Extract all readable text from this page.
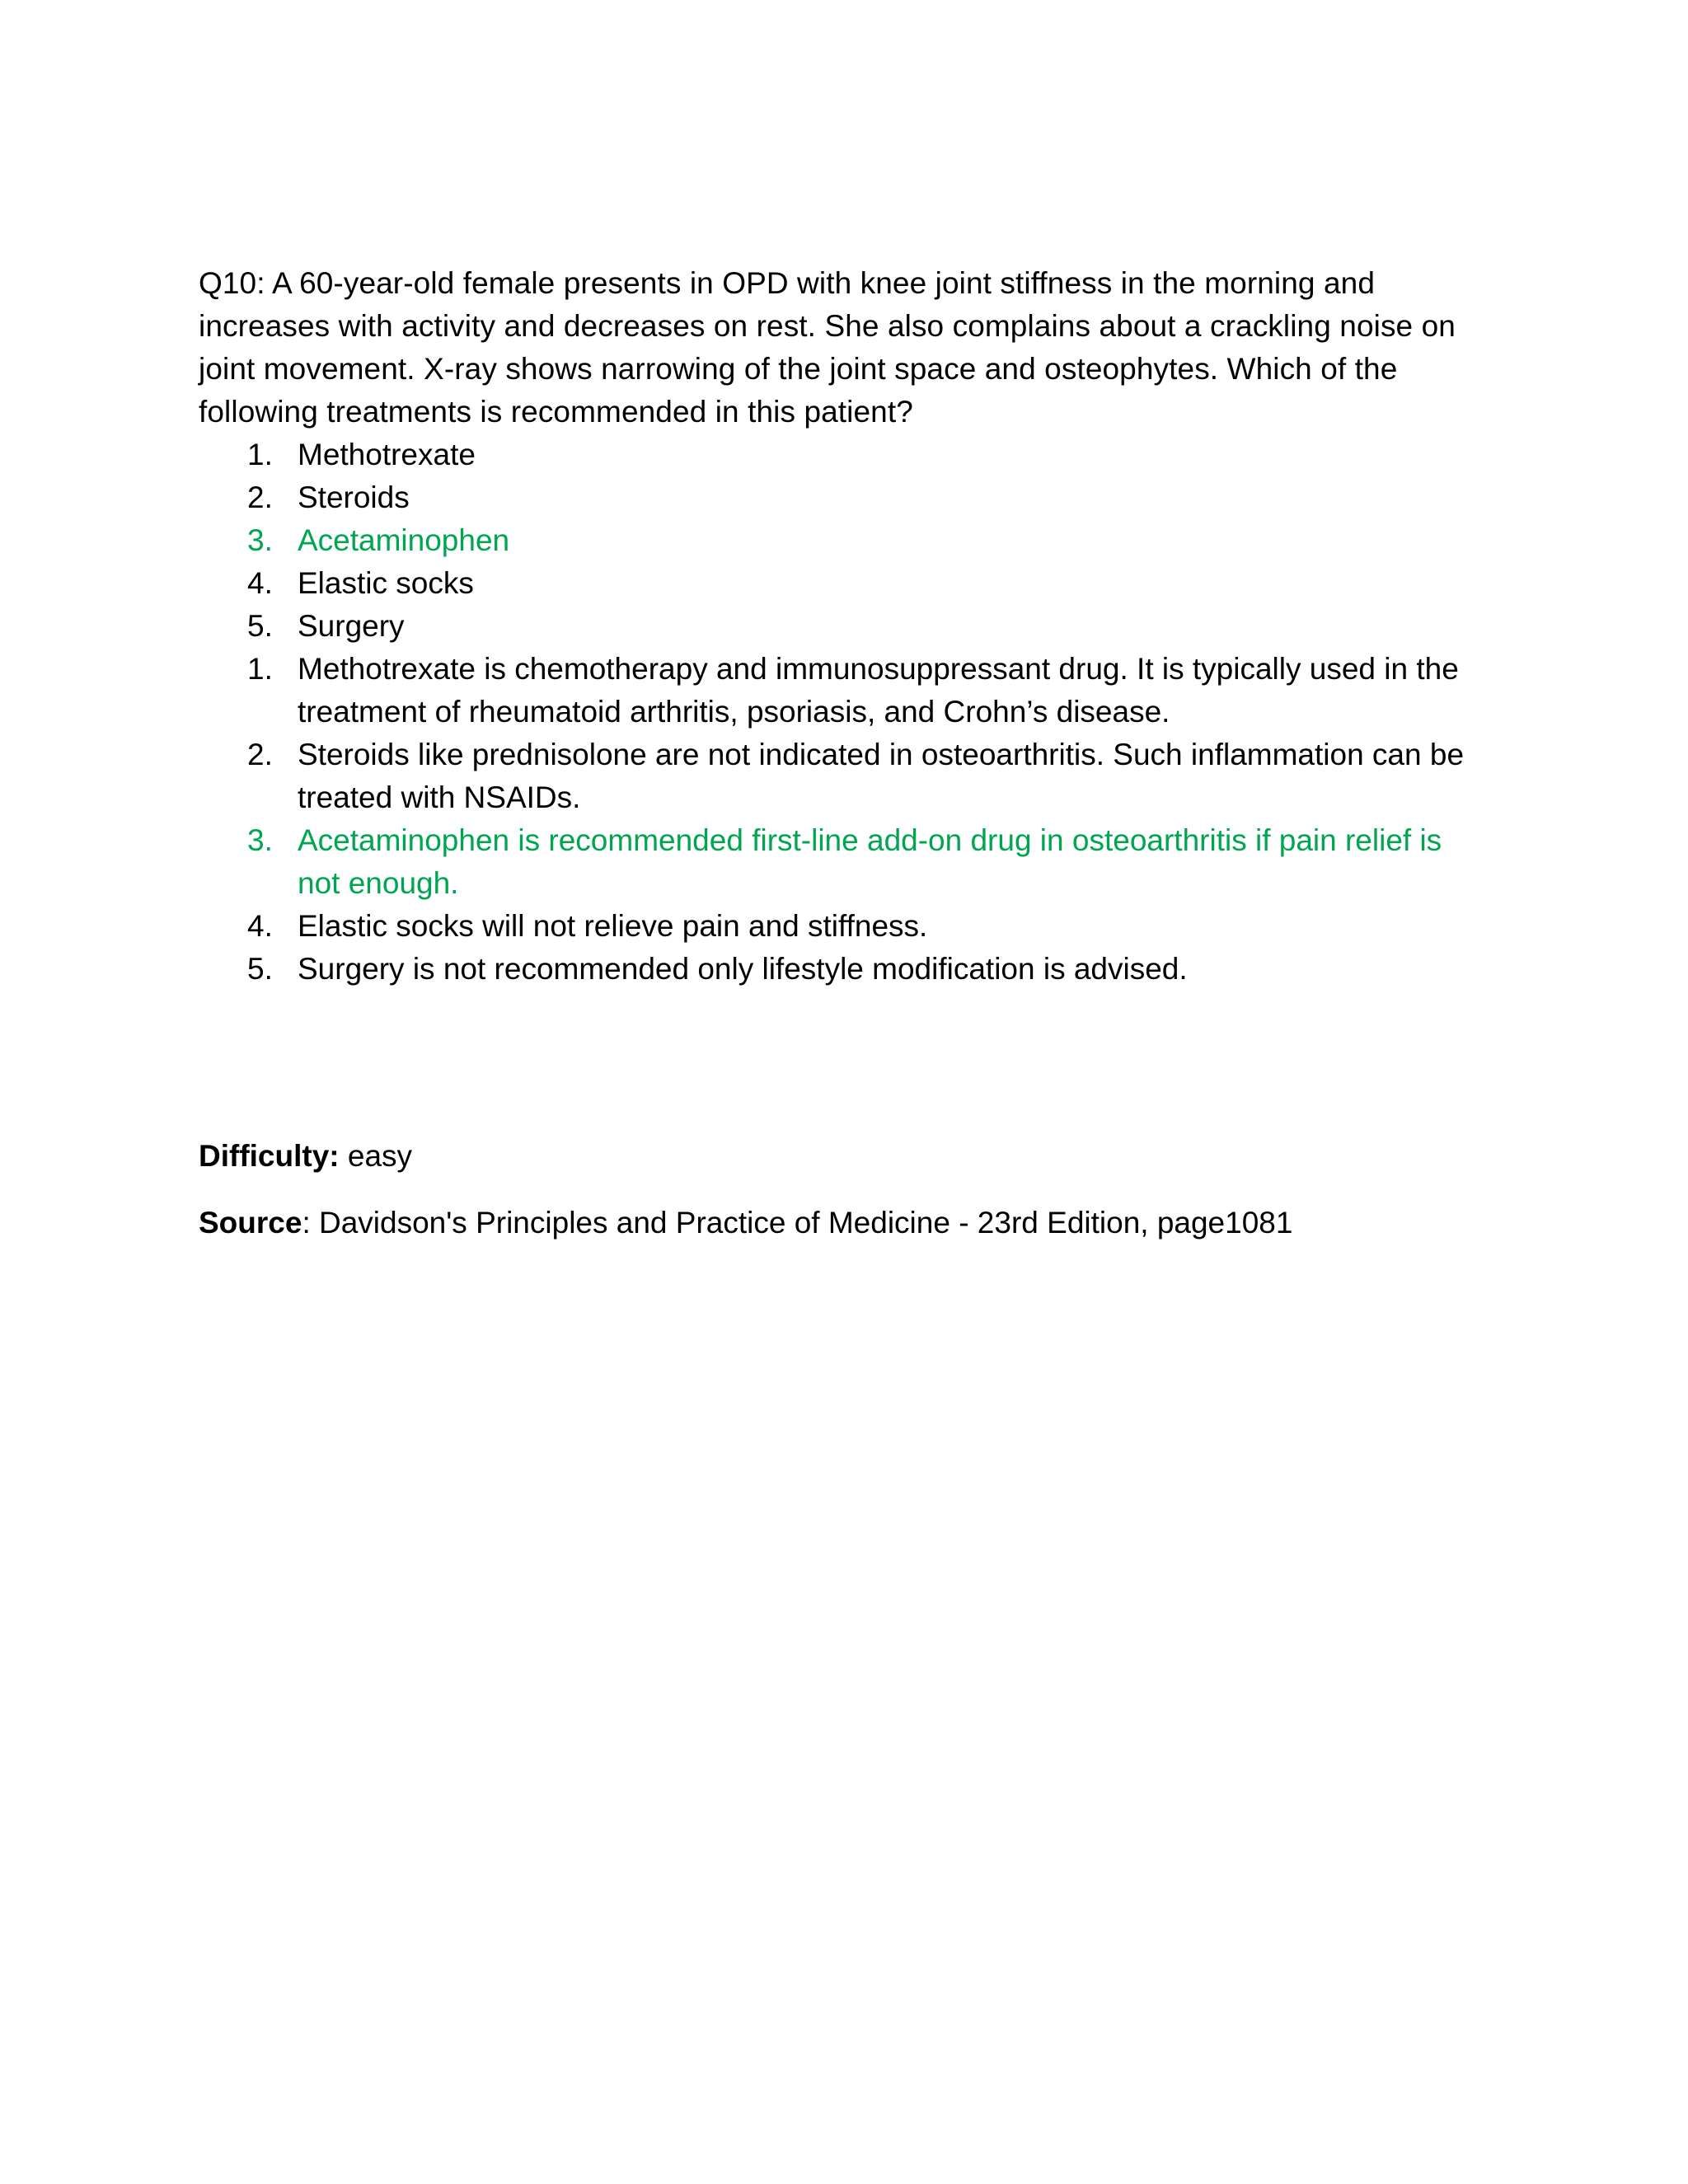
Q10: A 60-year-old female presents in OPD with knee joint stiffness in the morning and increases with activity and decreases on rest. She also complains about a crackling noise on joint movement. X-ray shows narrowing of the joint space and osteophytes. Which of the following treatments is recommended in this patient?

1. Methotrexate
2. Steroids
3. Acetaminophen
4. Elastic socks
5. Surgery
1. Methotrexate is chemotherapy and immunosuppressant drug. It is typically used in the treatment of rheumatoid arthritis, psoriasis, and Crohn’s disease.
2. Steroids like prednisolone are not indicated in osteoarthritis. Such inflammation can be treated with NSAIDs.
3. Acetaminophen is recommended first-line add-on drug in osteoarthritis if pain relief is not enough.
4. Elastic socks will not relieve pain and stiffness.
5. Surgery is not recommended only lifestyle modification is advised.

Difficulty: easy

Source: Davidson's Principles and Practice of Medicine - 23rd Edition, page1081
